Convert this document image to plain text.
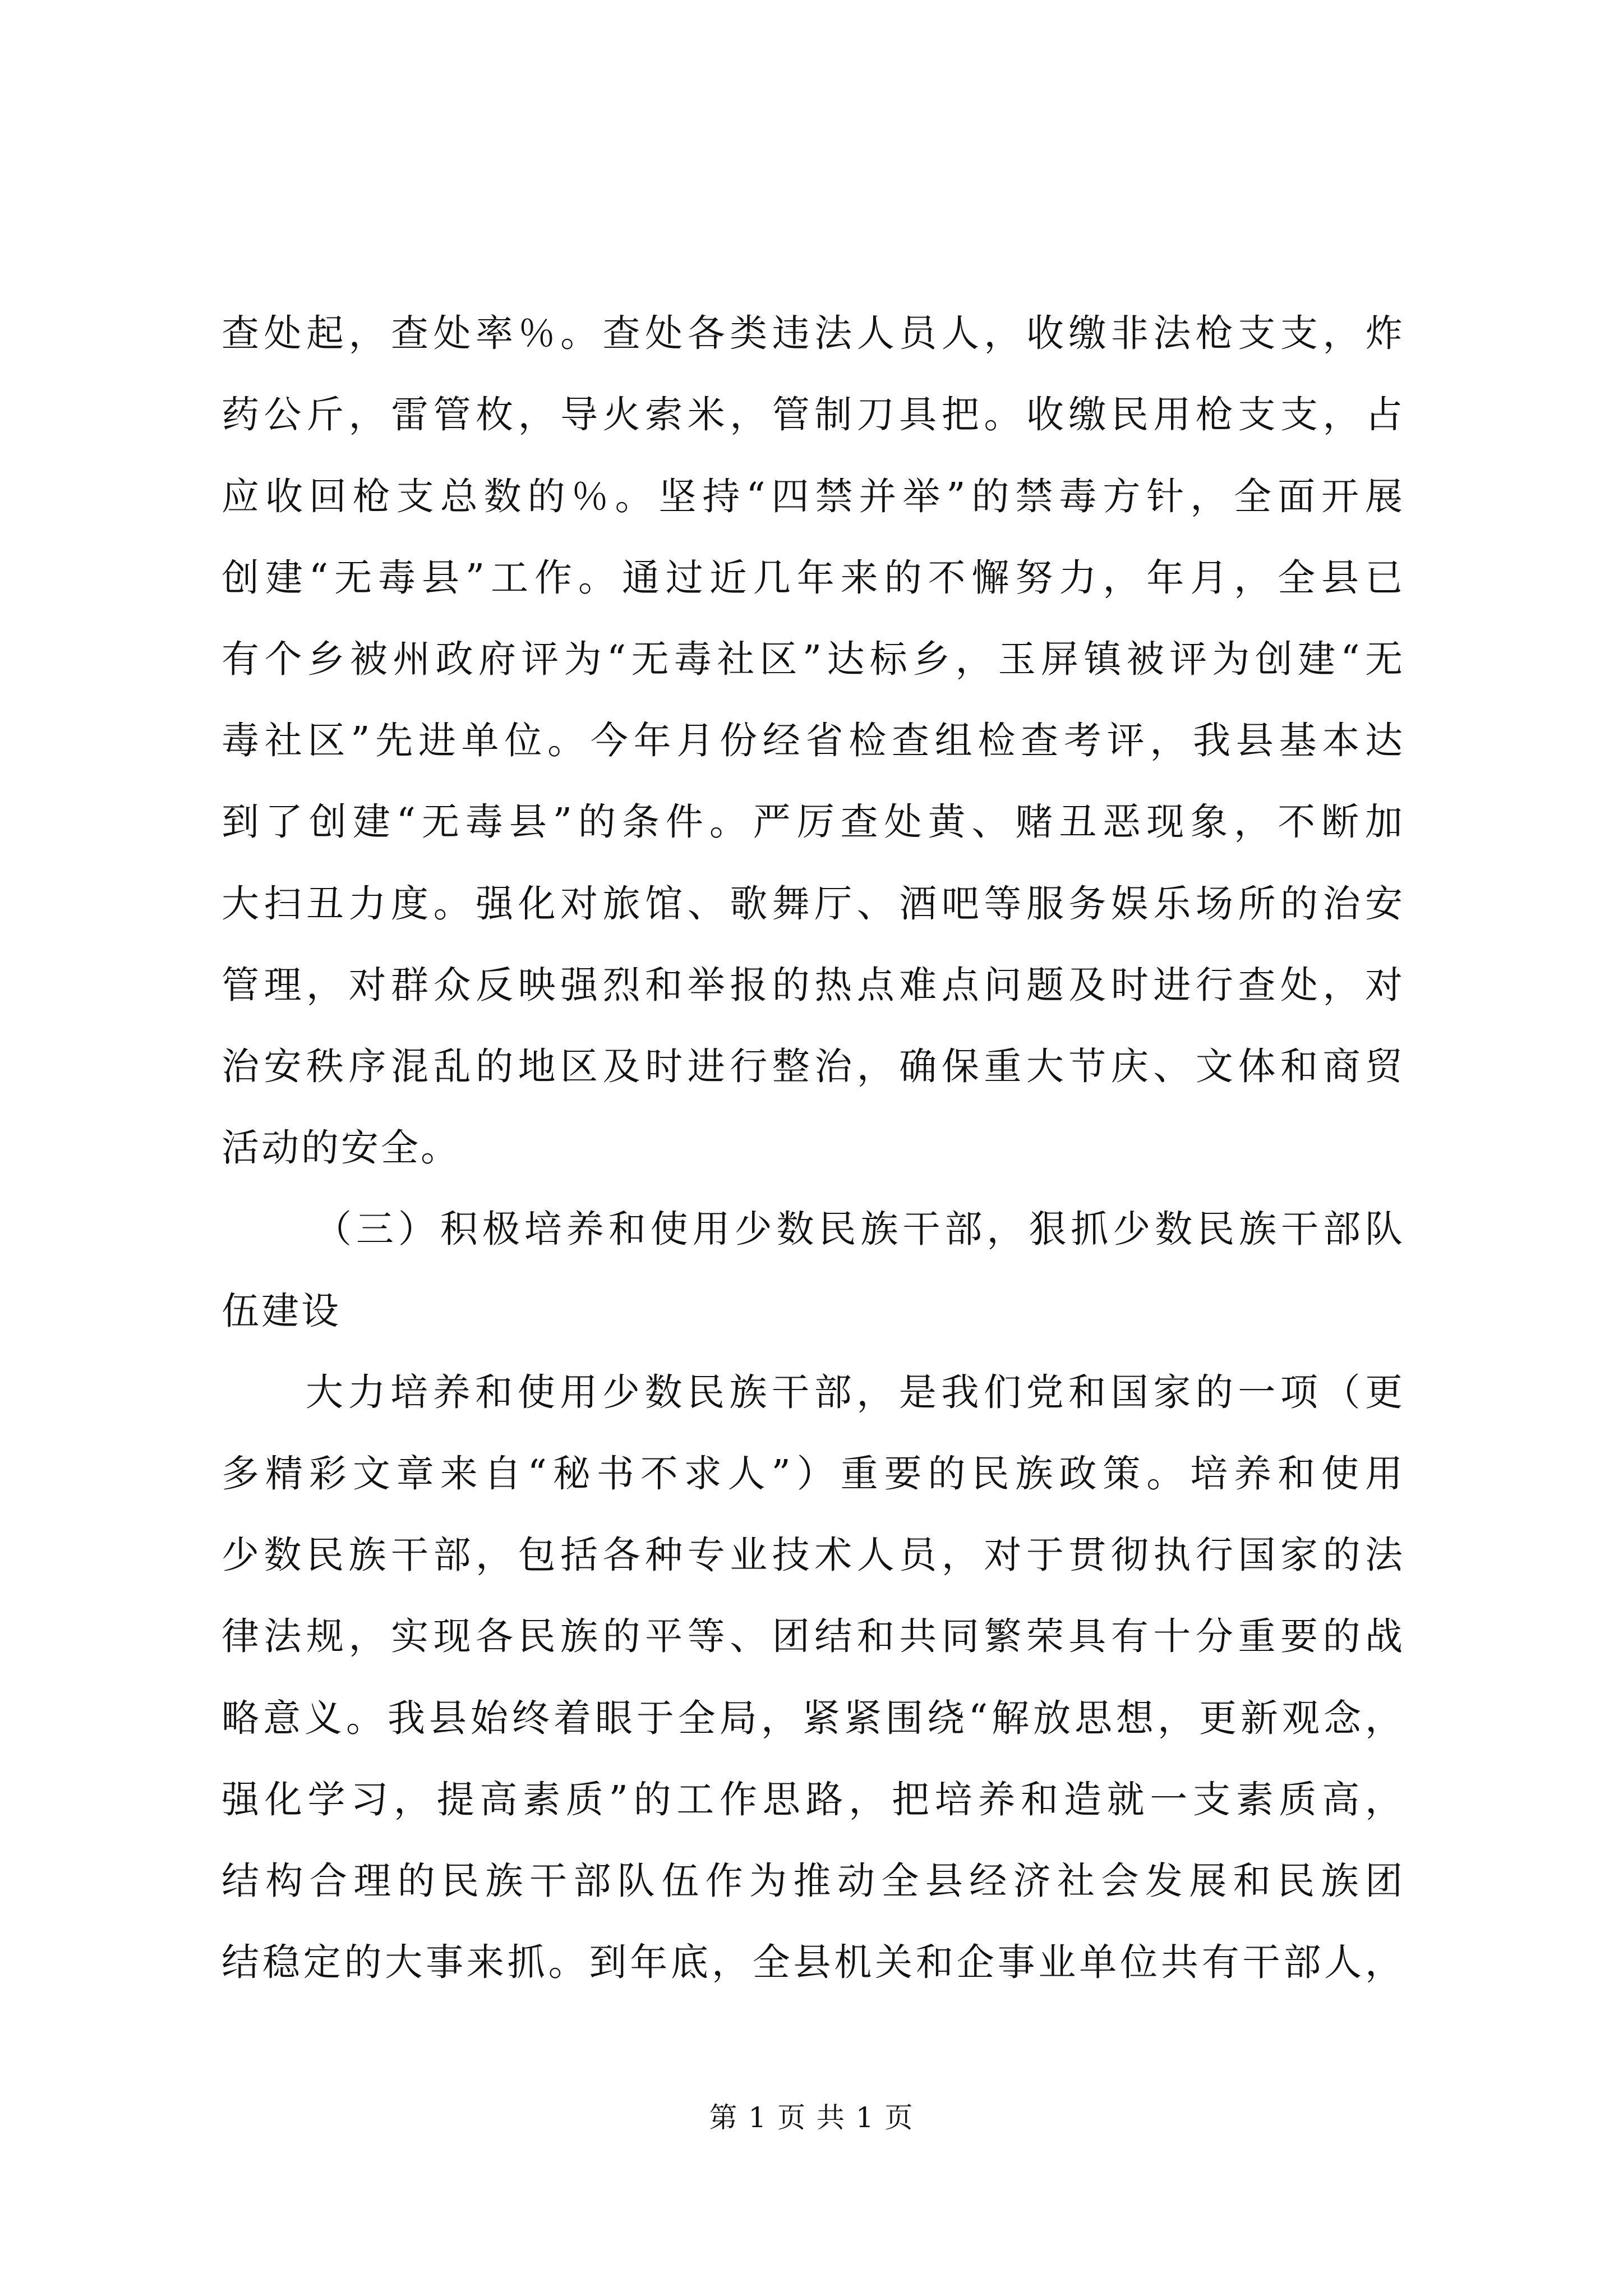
查处起，查处率％。查处各类违法人员人，收缴非法枪支支，炸
药公斤，雷管枚，导火索米，管制刀具把。收缴民用枪支支，占
应收回枪支总数的％。坚持“四禁并举”的禁毒方针，全面开展
创建“无毒县”工作。通过近几年来的不懈努力，年月，全县已
有个乡被州政府评为“无毒社区”达标乡，玉屏镇被评为创建“无
毒社区”先进单位。今年月份经省检查组检查考评，我县基本达
到了创建“无毒县”的条件。严厉查处黄、赌丑恶现象，不断加
大扫丑力度。强化对旅馆、歌舞厅、酒吧等服务娱乐场所的治安
管理，对群众反映强烈和举报的热点难点问题及时进行查处，对
治安秩序混乱的地区及时进行整治，确保重大节庆、文体和商贸
活动的安全。
（三）积极培养和使用少数民族干部，狠抓少数民族干部队
伍建设
大力培养和使用少数民族干部，是我们党和国家的一项（更
多精彩文章来自“秘书不求人”）重要的民族政策。培养和使用
少数民族干部，包括各种专业技术人员，对于贯彻执行国家的法
律法规，实现各民族的平等、团结和共同繁荣具有十分重要的战
略意义。我县始终着眼于全局，紧紧围绕“解放思想，更新观念，
强化学习，提高素质”的工作思路，把培养和造就一支素质高，
结构合理的民族干部队伍作为推动全县经济社会发展和民族团
结稳定的大事来抓。到年底，全县机关和企事业单位共有干部人，
第 1 页 共 1 页
